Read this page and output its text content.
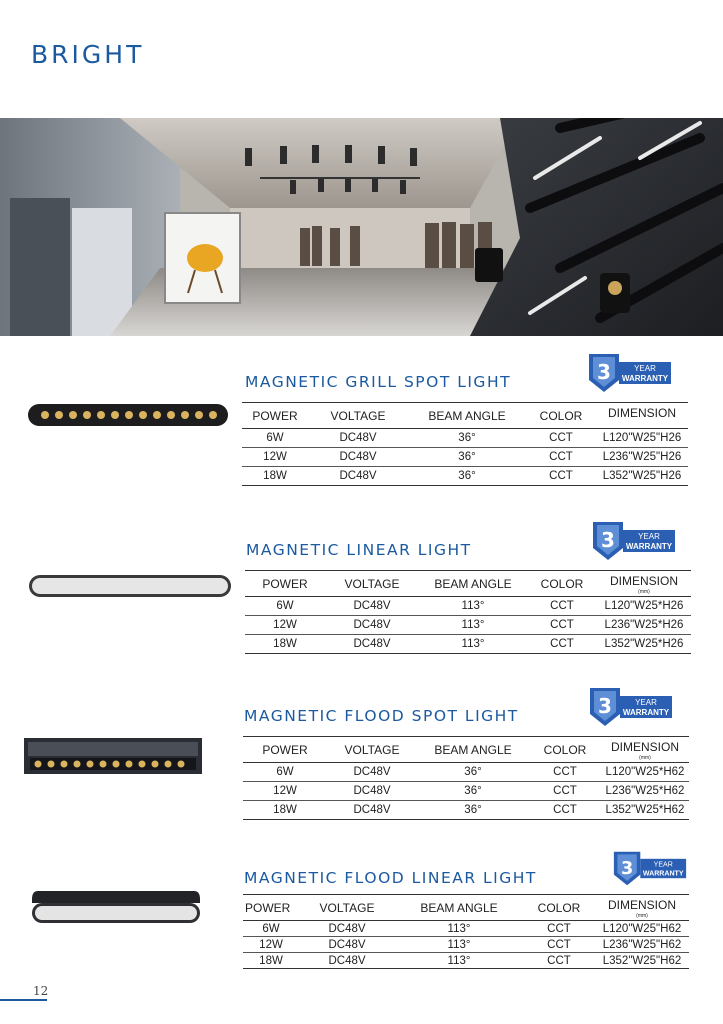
BRIGHT
MAGNETIC GRILL SPOT LIGHT	3	YEAR
WARRANTY
POWER	VOLTAGE	BEAM ANGLE	COLOR	DIMENSION
6W	DC48V	36°	CCT	L120"W25"H26
12W	DC48V	36°	CCT	L236"W25"H26
18W	DC48V	36°	CCT	L352"W25"H26
MAGNETIC LINEAR LIGHT	3	YEAR
WARRANTY
POWER	VOLTAGE	BEAM ANGLE	COLOR	DIMENSION
(mm)

6W	DC48V	113°	CCT	L120"W25*H26
12W	DC48V	113°	CCT	L236"W25*H26
18W	DC48V	113°	CCT	L352"W25*H26
MAGNETIC FLOOD SPOT LIGHT	3	YEAR
WARRANTY
POWER	VOLTAGE	BEAM ANGLE	COLOR	DIMENSION
(mm)

6W	DC48V	36°	CCT	L120"W25*H62
12W	DC48V	36°	CCT	L236"W25*H62
18W	DC48V	36°	CCT	L352"W25*H62
MAGNETIC FLOOD LINEAR LIGHT	3	YEAR
WARRANTY
POWER	VOLTAGE	BEAM ANGLE	COLOR	DIMENSION
(mm)

6W	DC48V	113°	CCT	L120"W25"H62
12W	DC48V	113°	CCT	L236"W25"H62
18W	DC48V	113°	CCT	L352"W25"H62
12
